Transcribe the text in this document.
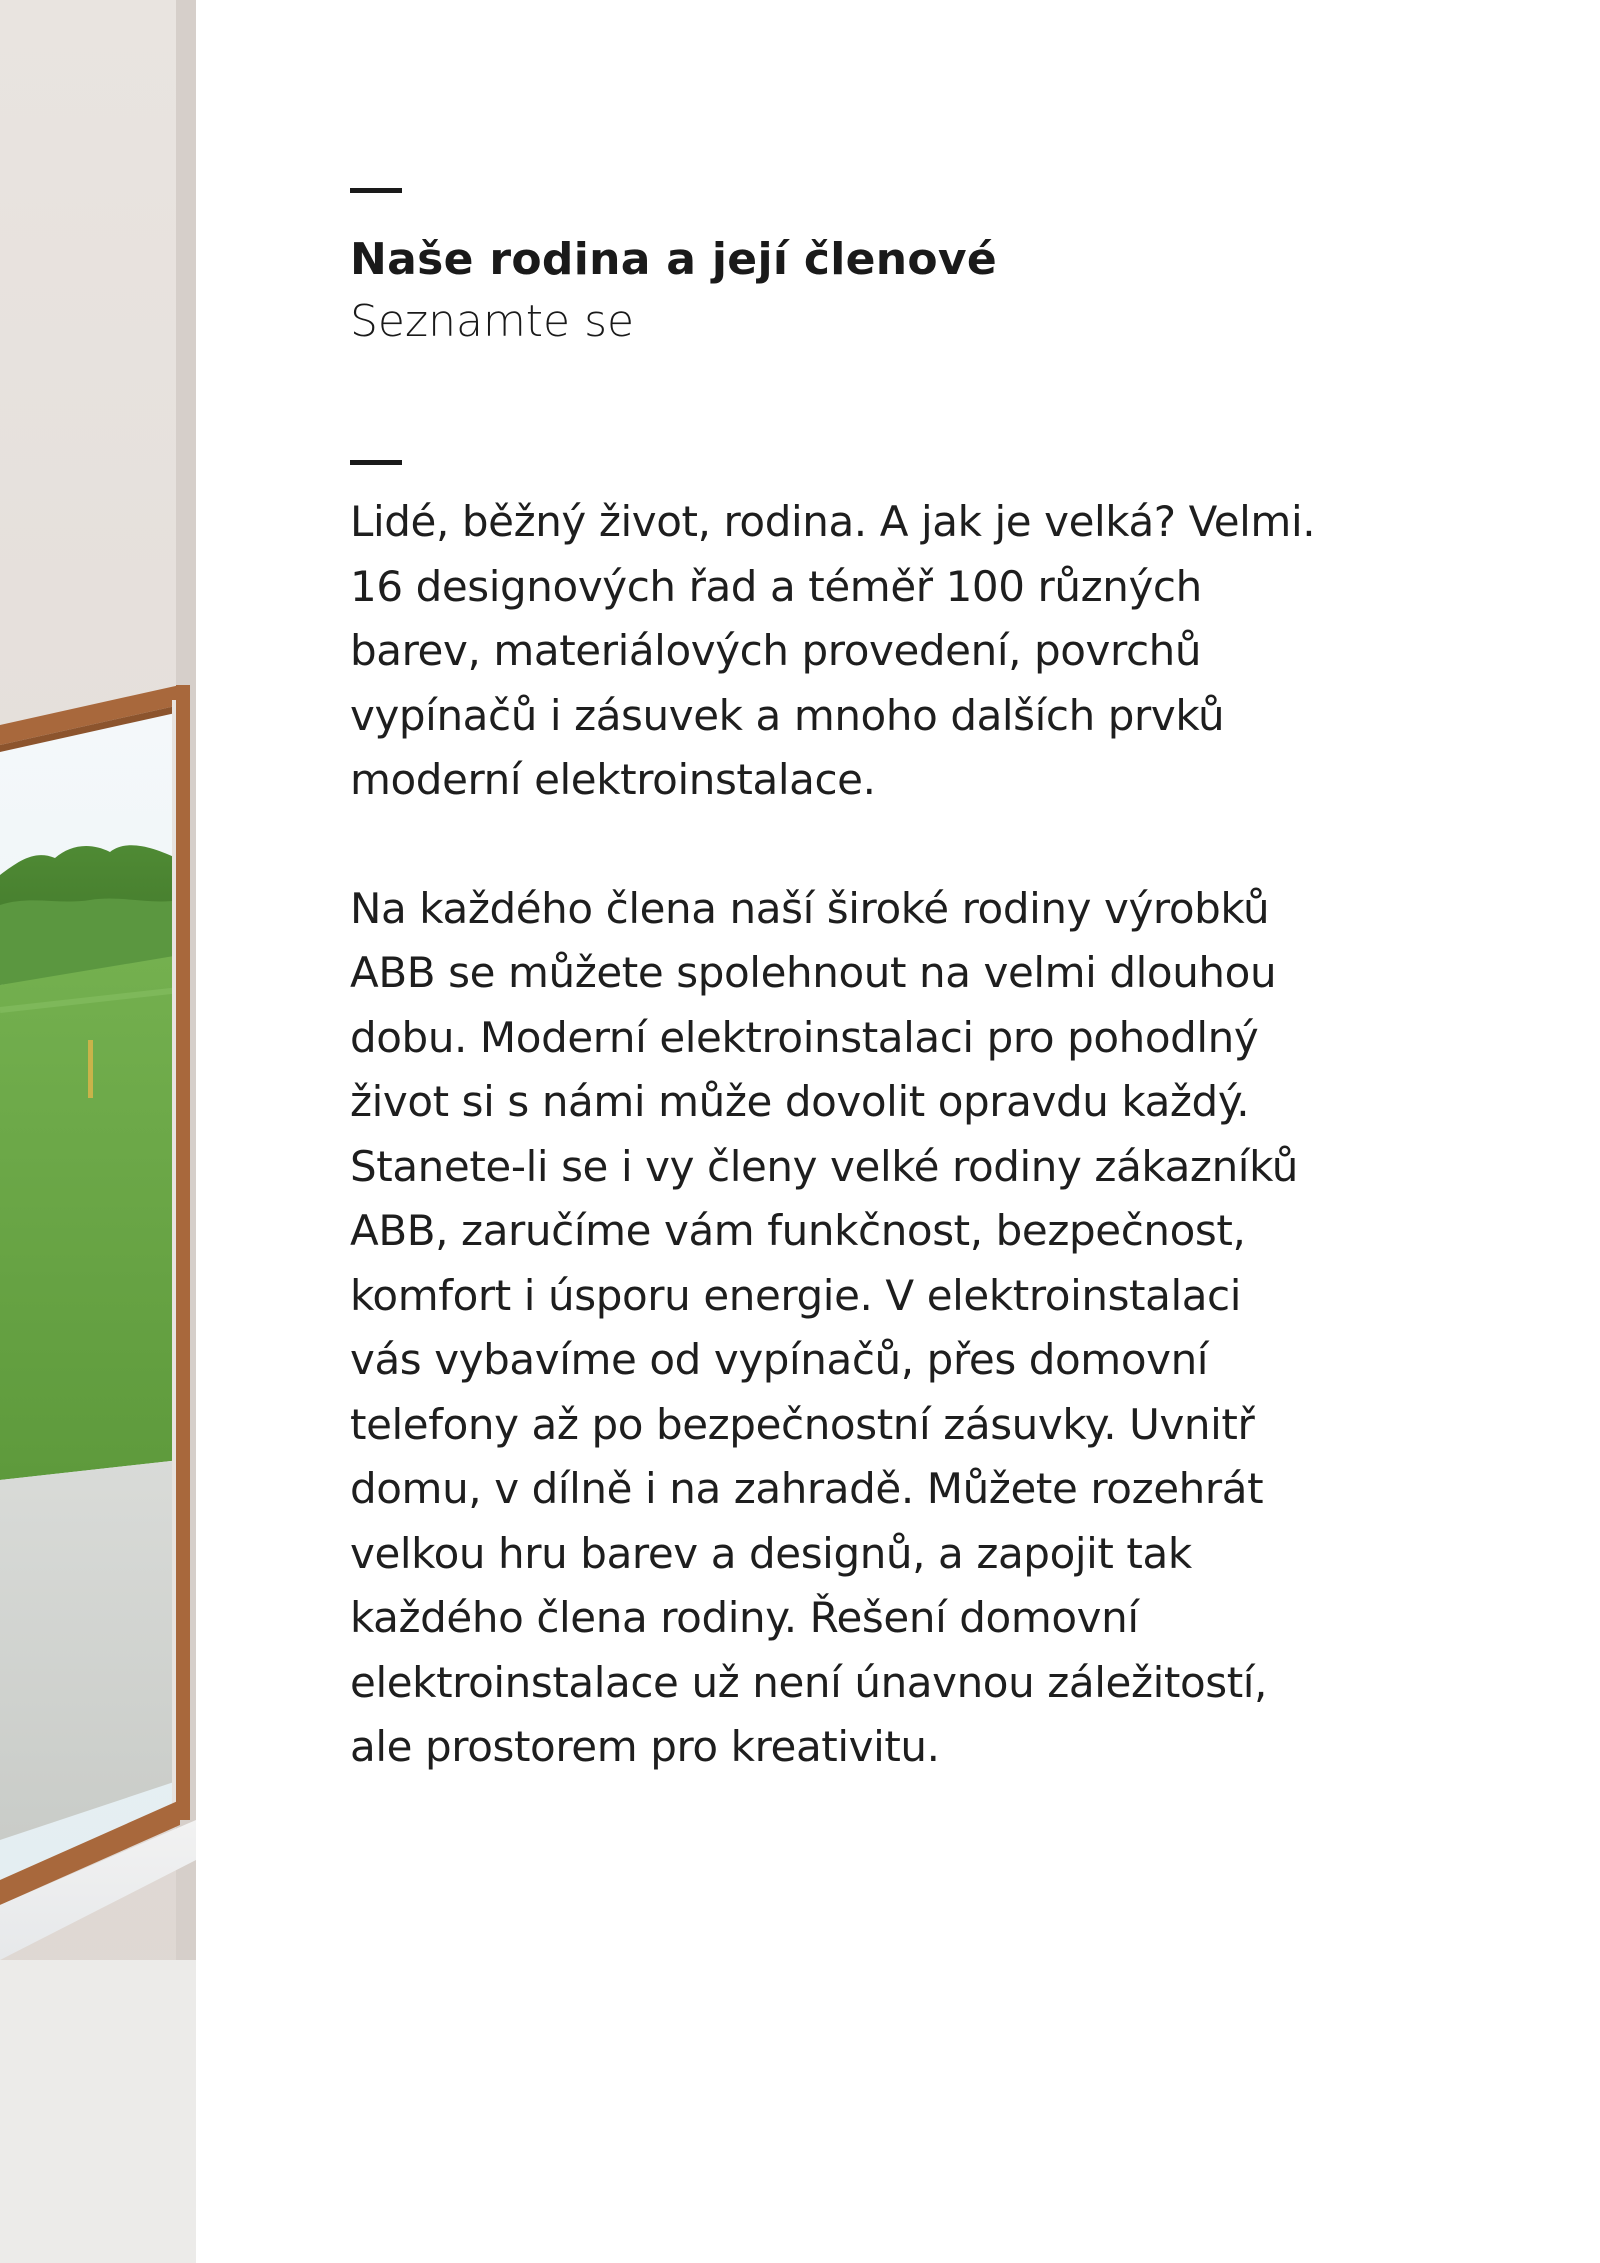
Naše rodina a její členové

Seznamte se

Lidé, běžný život, rodina. A jak je velká? Velmi.
16 designových řad a téměř 100 různých
barev, materiálových provedení, povrchů
vypínačů i zásuvek a mnoho dalších prvků
moderní elektroinstalace.

Na každého člena naší široké rodiny výrobků
ABB se můžete spolehnout na velmi dlouhou
dobu. Moderní elektroinstalaci pro pohodlný
život si s námi může dovolit opravdu každý.
Stanete-li se i vy členy velké rodiny zákazníků
ABB, zaručíme vám funkčnost, bezpečnost,
komfort i úsporu energie. V elektroinstalaci
vás vybavíme od vypínačů, přes domovní
telefony až po bezpečnostní zásuvky. Uvnitř
domu, v dílně i na zahradě. Můžete rozehrát
velkou hru barev a designů, a zapojit tak
každého člena rodiny. Řešení domovní
elektroinstalace už není únavnou záležitostí,
ale prostorem pro kreativitu.
